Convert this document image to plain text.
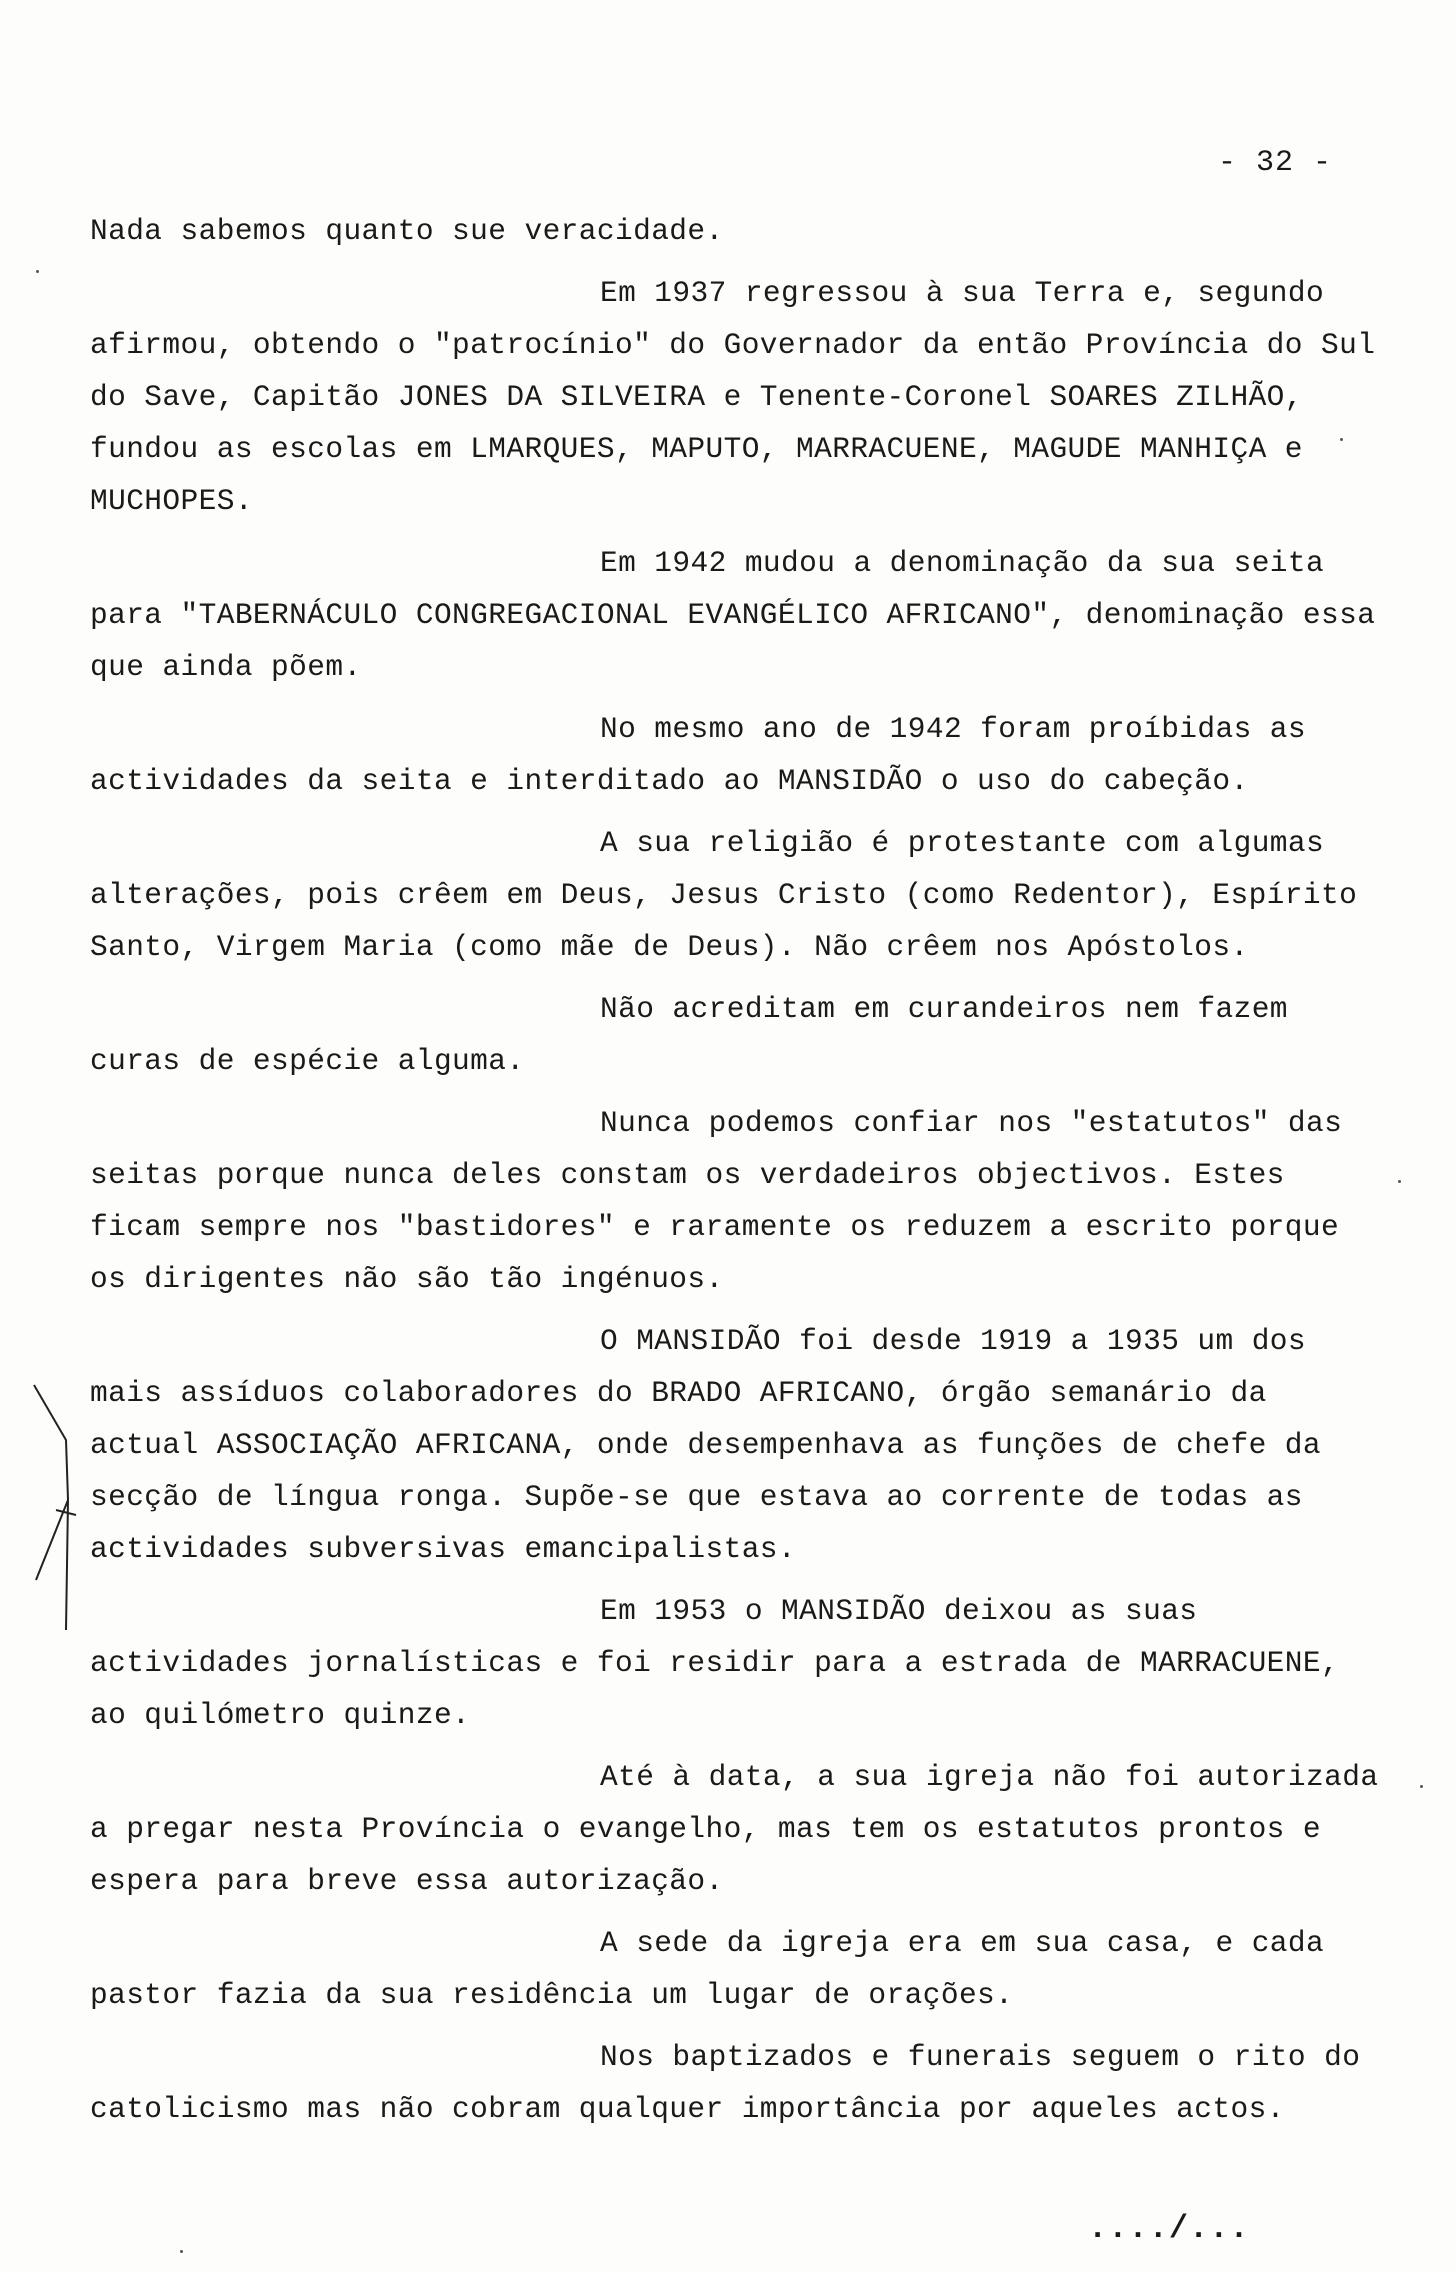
- 32 -

Nada sabemos quanto sue veracidade.

Em 1937 regressou à sua Terra e, segundo afirmou, obtendo o "patrocínio" do Governador da então Província do Sul do Save, Capitão JONES DA SILVEIRA e Tenente-Coronel SOARES ZILHÃO, fundou as escolas em LMARQUES, MAPUTO, MARRACUENE, MAGUDE MANHIÇA e MUCHOPES.

Em 1942 mudou a denominação da sua seita para "TABERNÁCULO CONGREGACIONAL EVANGÉLICO AFRICANO", denominação essa que ainda põem.

No mesmo ano de 1942 foram proíbidas as actividades da seita e interditado ao MANSIDÃO o uso do cabeção.

A sua religião é protestante com algumas alterações, pois crêem em Deus, Jesus Cristo (como Redentor), Espírito Santo, Virgem Maria (como mãe de Deus). Não crêem nos Apóstolos.

Não acreditam em curandeiros nem fazem curas de espécie alguma.

Nunca podemos confiar nos "estatutos" das seitas porque nunca deles constam os verdadeiros objectivos. Estes ficam sempre nos "bastidores" e raramente os reduzem a escrito porque os dirigentes não são tão ingénuos.

O MANSIDÃO foi desde 1919 a 1935 um dos mais assíduos colaboradores do BRADO AFRICANO, órgão semanário da actual ASSOCIAÇÃO AFRICANA, onde desempenhava as funções de chefe da secção de língua ronga. Supõe-se que estava ao corrente de todas as actividades subversivas emancipalistas.

Em 1953 o MANSIDÃO deixou as suas actividades jornalísticas e foi residir para a estrada de MARRACUENE, ao quilómetro quinze.

Até à data, a sua igreja não foi autorizada a pregar nesta Província o evangelho, mas tem os estatutos prontos e espera para breve essa autorização.

A sede da igreja era em sua casa, e cada pastor fazia da sua residência um lugar de orações.

Nos baptizados e funerais seguem o rito do catolicismo mas não cobram qualquer importância por aqueles actos.

..../...
